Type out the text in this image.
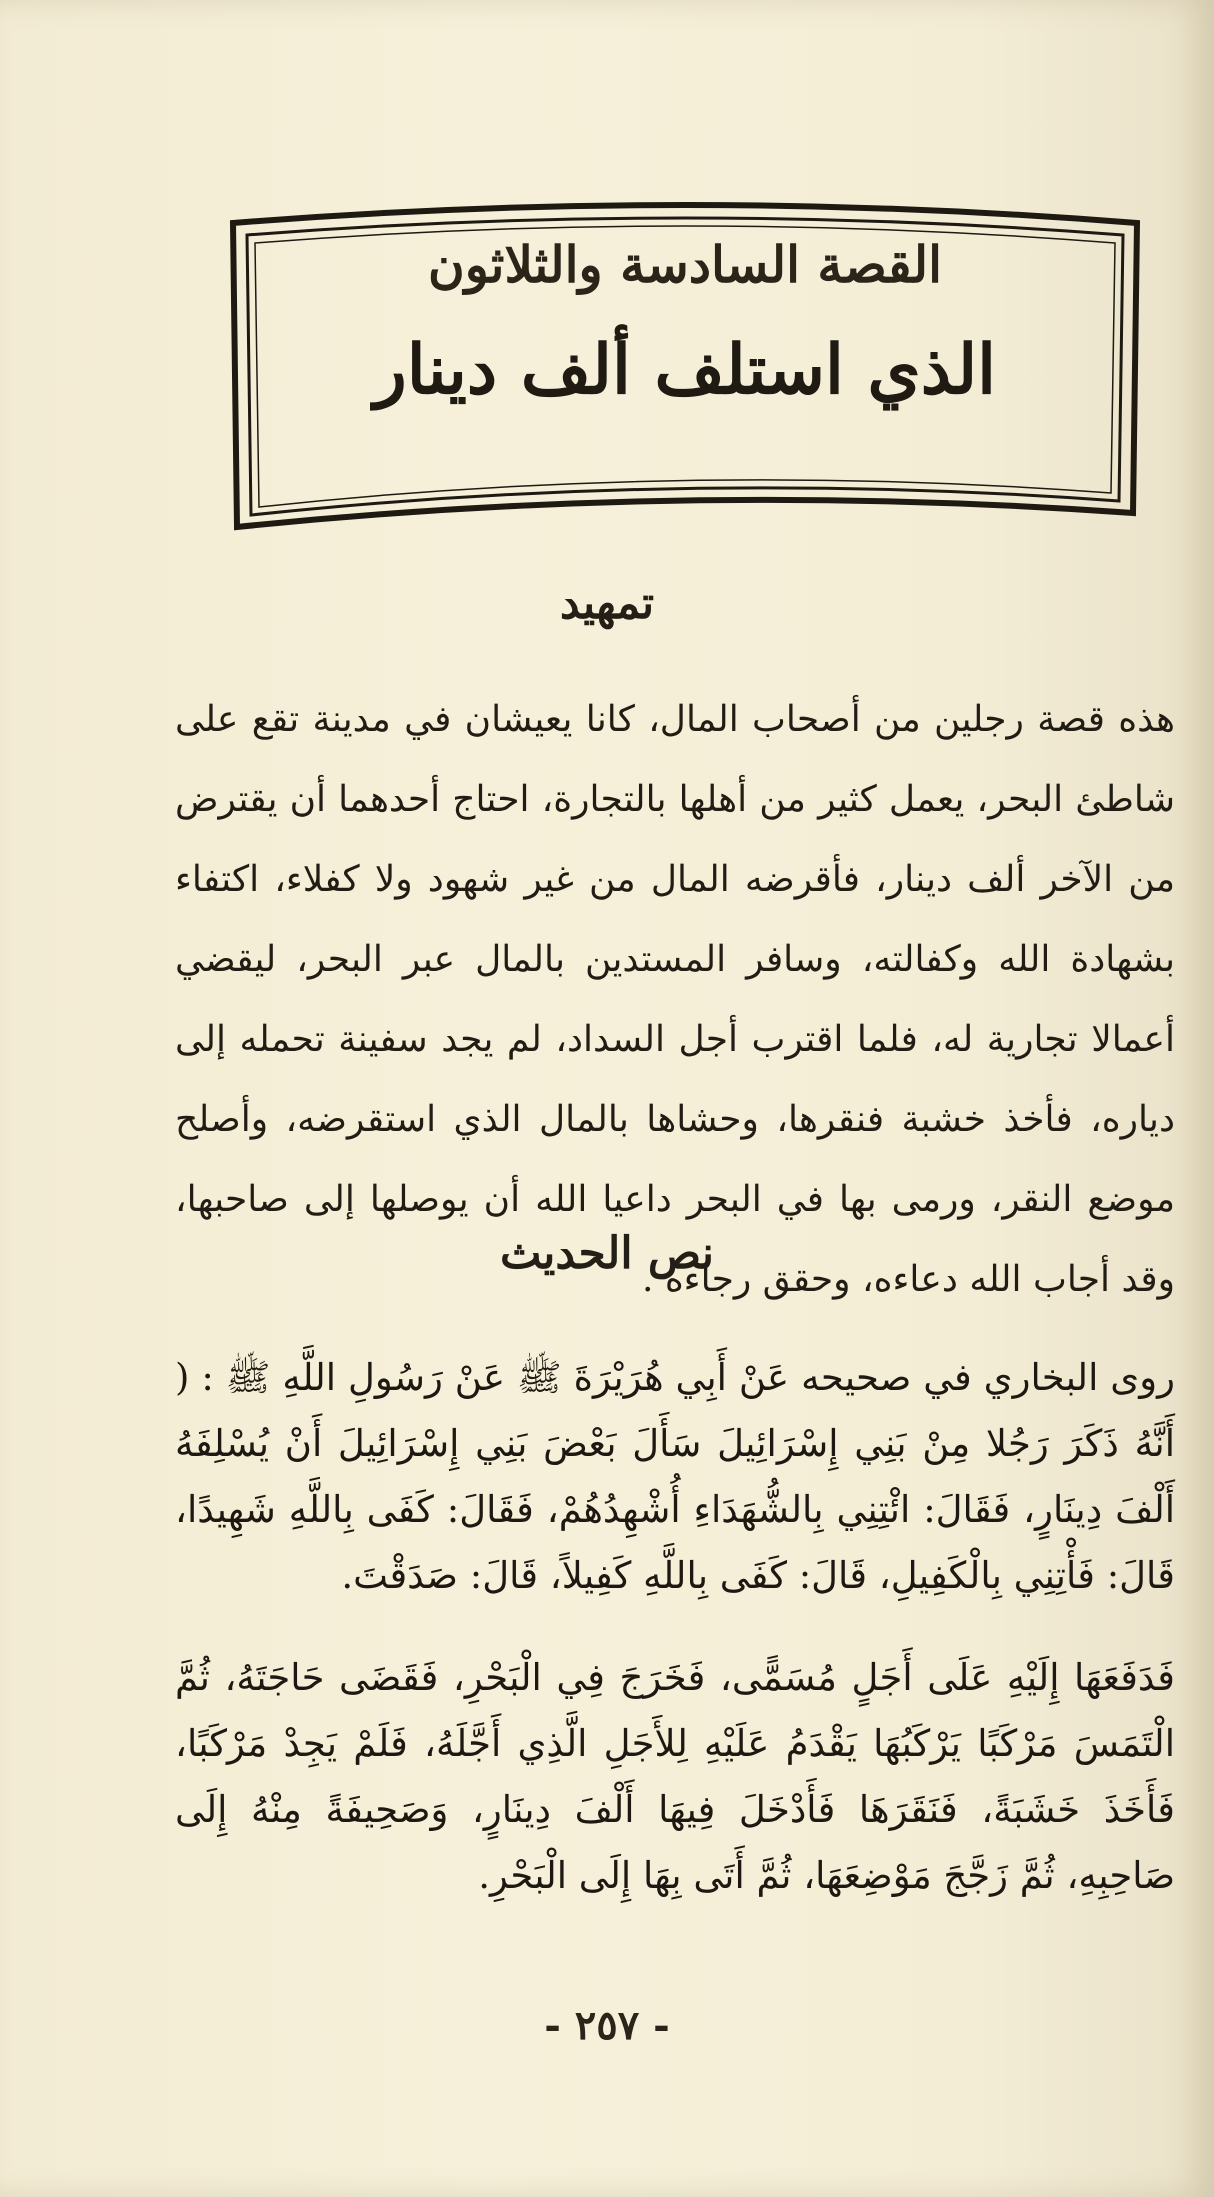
القصة السادسة والثلاثون
الذي استلف ألف دينار
تمهيد
هذه قصة رجلين من أصحاب المال، كانا يعيشان في مدينة تقع على شاطئ البحر، يعمل كثير من أهلها بالتجارة، احتاج أحدهما أن يقترض من الآخر ألف دينار، فأقرضه المال من غير شهود ولا كفلاء، اكتفاء بشهادة الله وكفالته، وسافر المستدين بالمال عبر البحر، ليقضي أعمالا تجارية له، فلما اقترب أجل السداد، لم يجد سفينة تحمله إلى دياره، فأخذ خشبة فنقرها، وحشاها بالمال الذي استقرضه، وأصلح موضع النقر، ورمى بها في البحر داعيا الله أن يوصلها إلى صاحبها، وقد أجاب الله دعاءه، وحقق رجاءه .
نص الحديث
روى البخاري في صحيحه عَنْ أَبِي هُرَيْرَةَ ﷺ عَنْ رَسُولِ اللَّهِ ﷺ : ( أَنَّهُ ذَكَرَ رَجُلا مِنْ بَنِي إِسْرَائِيلَ سَأَلَ بَعْضَ بَنِي إِسْرَائِيلَ أَنْ يُسْلِفَهُ أَلْفَ دِينَارٍ، فَقَالَ: ائْتِنِي بِالشُّهَدَاءِ أُشْهِدُهُمْ، فَقَالَ: كَفَى بِاللَّهِ شَهِيدًا، قَالَ: فَأْتِنِي بِالْكَفِيلِ، قَالَ: كَفَى بِاللَّهِ كَفِيلاً، قَالَ: صَدَقْتَ.
فَدَفَعَهَا إِلَيْهِ عَلَى أَجَلٍ مُسَمًّى، فَخَرَجَ فِي الْبَحْرِ، فَقَضَى حَاجَتَهُ، ثُمَّ الْتَمَسَ مَرْكَبًا يَرْكَبُهَا يَقْدَمُ عَلَيْهِ لِلأَجَلِ الَّذِي أَجَّلَهُ، فَلَمْ يَجِدْ مَرْكَبًا، فَأَخَذَ خَشَبَةً، فَنَقَرَهَا فَأَدْخَلَ فِيهَا أَلْفَ دِينَارٍ، وَصَحِيفَةً مِنْهُ إِلَى صَاحِبِهِ، ثُمَّ زَجَّجَ مَوْضِعَهَا، ثُمَّ أَتَى بِهَا إِلَى الْبَحْرِ.
- ٢٥٧ -
